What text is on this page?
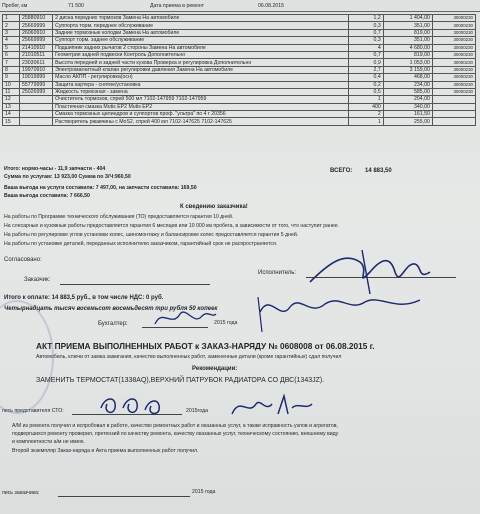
Пробег, км	71 500	Дата приема в ремонт	06.08.2015
1	25880910	2 диска передних тормозов Замена На автомобиле	1,2	1 404,00	30000230
2	25669999	Суппорта торм. переднее обслуживание	0,3	351,00	30000230
3	26060910	Задние тормозные колодки Замена На автомобиле	0,7	819,00	30000230
4	25669999	Суппорт торм. заднее обслуживание	0,3	351,00	30000230
5	21410910	Подшипник задних рычагов 2 стороны Замена На автомобиле	4	4 680,00	30000230
6	21010511	Геометрия задней подвески Контроль Дополнительно	0,7	819,00	30000230
7	23030611	Высота передней и задней части кузова Проверка и регулировка Дополнительно	0,9	1 053,00	30000230
8	19970910	Электромагнитный клапан регулировки давления Замена На автомобиле	2,7	3 159,00	30000230
9	19019999	Масло АКПП - регулировка(осн)	0,4	468,00	30000230
10	55779999	Защита картера - снятие/установка	0,2	234,00	30000230
11	25026999	Жидкость тормозная - замена	0,5	585,00	30000230
12		Очиститель тормозов, спрей 500 мл 7102-147959 7102-147959	1	204,00	
13		Пластичная смазка Mutis EP2 Mutis EP2	400	340,00	
14		Смазка тормозных цилиндров и суппортов проф. "ультра" по 4 г 20356	2	161,50	
15		Растворитель ржавчины с MoS2, спрей 400 мл 7102-147625 7102-147625	1	255,00	
Итого: нормо-часы - 11,9 запчасти - 404
Сумма по услугам: 13 923,00 Сумма по З/Ч:960,50
ВСЕГО: 14 883,50
Ваша выгода на услуги составила: 7 497,00, на запчасти составила: 169,50
Ваша выгода составила: 7 666,50
К сведению заказчика!
На работы по Программе технического обслуживания (ТО) предоставляется гарантия 10 дней.
На слесарные и кузовные работы предоставляется гарантия 6 месяцев или 10 000 км пробега, в зависимости от того, что наступит ранее.
На работы по регулировке углов установки колес, шиномонтажу и балансировке колес предоставляется гарантия 5 дней.
На работы по установке деталей, переданных исполнителю заказчиком, гарантийный срок не распространяется.
Согласовано:
Заказчик:
Исполнитель:
Итого к оплате: 14 883,5 руб., в том числе НДС: 0 руб.
Четырнадцать тысяч восемьсот восемьдесят три рубля 50 копеек
Бухгалтер:	2015 года
АКТ ПРИЕМА ВЫПОЛНЕННЫХ РАБОТ к ЗАКАЗ-НАРЯДУ № 0608008 от 06.08.2015 г.
Автомобиль, ключи от замка зажигания, качество выполненных работ, замененные детали (кроме гарантийных) сдал получил
Рекомендации:
ЗАМЕНИТЬ ТЕРМОСТАТ(1338AQ),ВЕРХНИЙ ПАТРУБОК РАДИАТОРА СО ДВС(1343JZ).
пись представителя СТО:	2015года
А/М из ремонта получил и испробовал в работе, качество ремонтных работ и оказанных услуг, а также исправность узлов и агрегатов,
подвергшихся ремонту проверил, претензий по качеству ремонта, качеству оказанных услуг, техническому состоянию, внешнему виду
и комплектности а/м не имею.
Второй экземпляр Заказ-наряда и Акта приема выполненных работ получил.
пись заказчика:	2015 года
